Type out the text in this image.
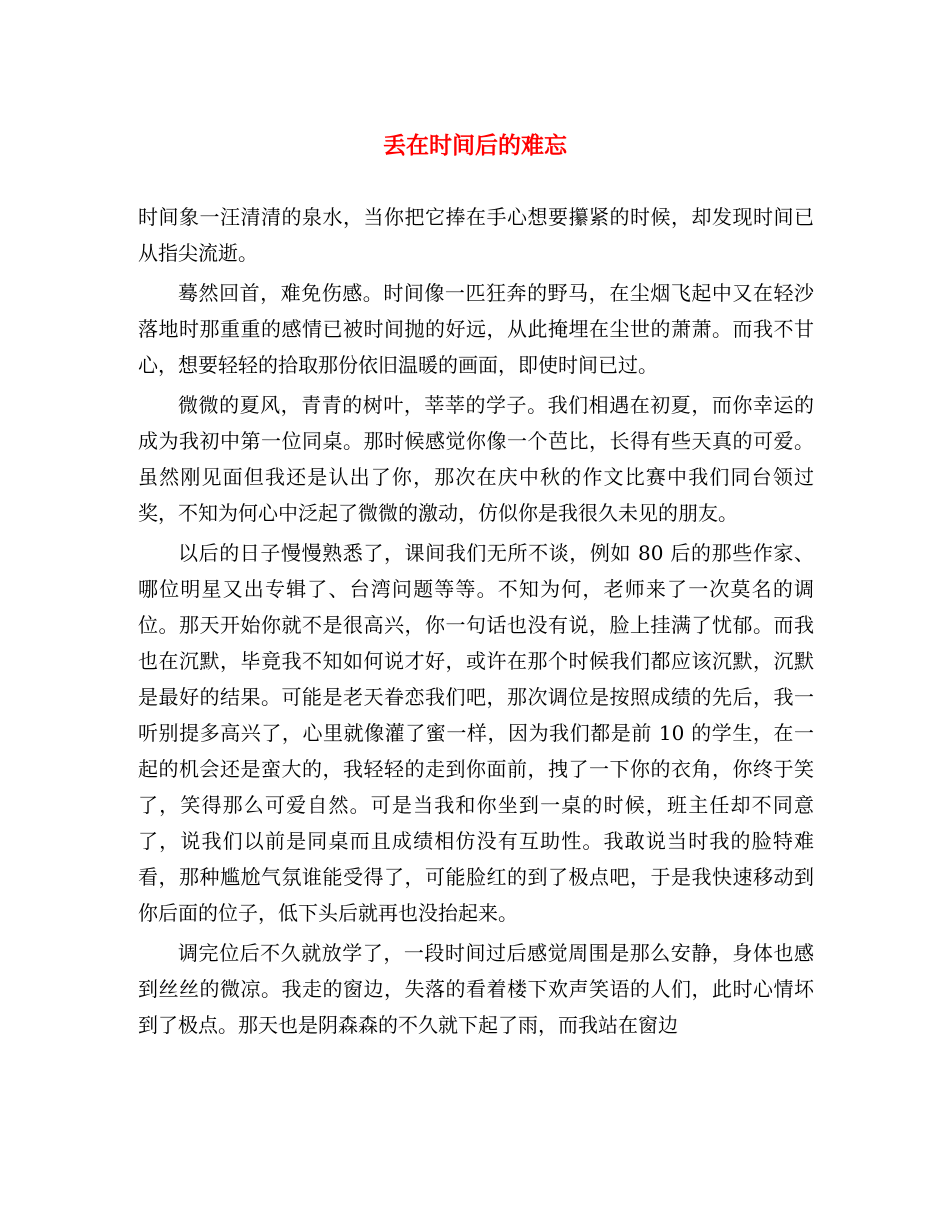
丢在时间后的难忘

时间象一汪清清的泉水，当你把它捧在手心想要攥紧的时候，却发现时间已从指尖流逝。

蓦然回首，难免伤感。时间像一匹狂奔的野马，在尘烟飞起中又在轻沙落地时那重重的感情已被时间抛的好远，从此掩埋在尘世的萧萧。而我不甘心，想要轻轻的拾取那份依旧温暖的画面，即使时间已过。

微微的夏风，青青的树叶，莘莘的学子。我们相遇在初夏，而你幸运的成为我初中第一位同桌。那时候感觉你像一个芭比，长得有些天真的可爱。虽然刚见面但我还是认出了你，那次在庆中秋的作文比赛中我们同台领过奖，不知为何心中泛起了微微的激动，仿似你是我很久未见的朋友。

以后的日子慢慢熟悉了，课间我们无所不谈，例如 80 后的那些作家、哪位明星又出专辑了、台湾问题等等。不知为何，老师来了一次莫名的调位。那天开始你就不是很高兴，你一句话也没有说，脸上挂满了忧郁。而我也在沉默，毕竟我不知如何说才好，或许在那个时候我们都应该沉默，沉默是最好的结果。可能是老天眷恋我们吧，那次调位是按照成绩的先后，我一听别提多高兴了，心里就像灌了蜜一样，因为我们都是前 10 的学生，在一起的机会还是蛮大的，我轻轻的走到你面前，拽了一下你的衣角，你终于笑了，笑得那么可爱自然。可是当我和你坐到一桌的时候，班主任却不同意了，说我们以前是同桌而且成绩相仿没有互助性。我敢说当时我的脸特难看，那种尴尬气氛谁能受得了，可能脸红的到了极点吧，于是我快速移动到你后面的位子，低下头后就再也没抬起来。

调完位后不久就放学了，一段时间过后感觉周围是那么安静，身体也感到丝丝的微凉。我走的窗边，失落的看着楼下欢声笑语的人们，此时心情坏到了极点。那天也是阴森森的不久就下起了雨，而我站在窗边
